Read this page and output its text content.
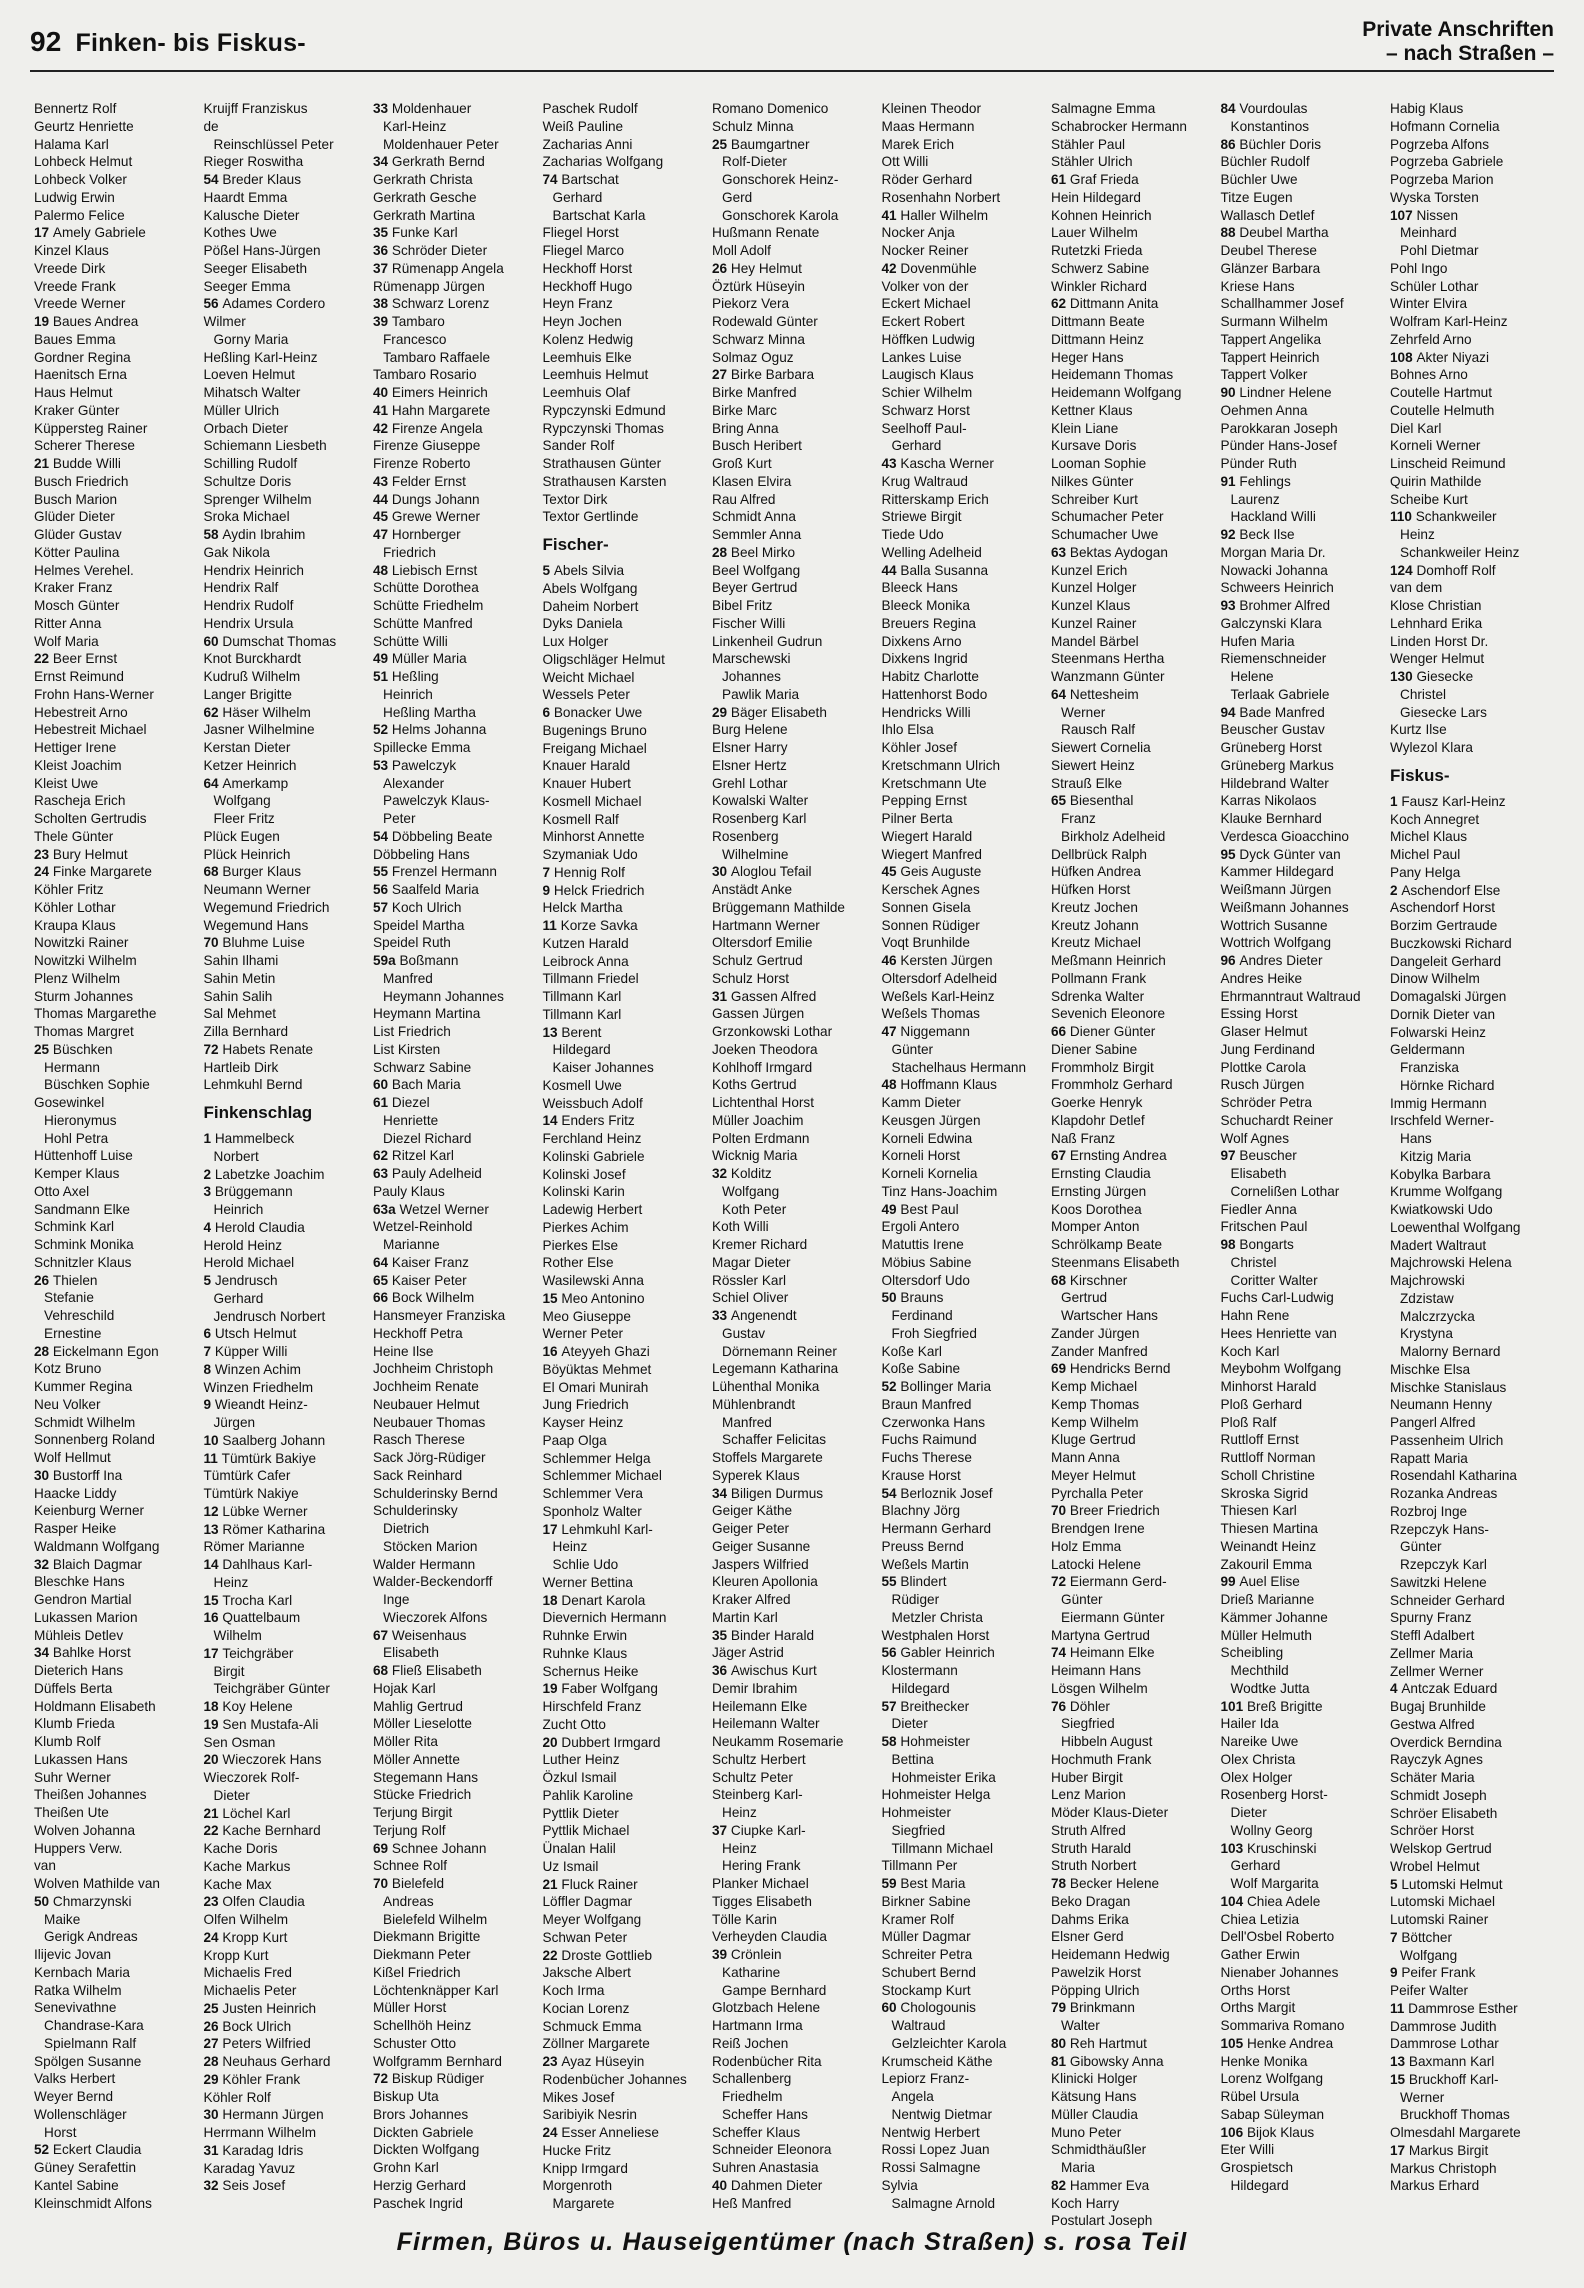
92 Finken- bis Fiskus-	Private Anschriften
– nach Straßen –
Bennertz Rolf
Geurtz Henriette
Halama Karl
Lohbeck Helmut
Lohbeck Volker
Ludwig Erwin
Palermo Felice
17 Amely Gabriele
Kinzel Klaus
Vreede Dirk
Vreede Frank
Vreede Werner
19 Baues Andrea
Baues Emma
Gordner Regina
Haenitsch Erna
Haus Helmut
Kraker Günter
Küppersteg Rainer
Scherer Therese
21 Budde Willi
Busch Friedrich
Busch Marion
Glüder Dieter
Glüder Gustav
Kötter Paulina
Helmes Verehel.
Kraker Franz
Mosch Günter
Ritter Anna
Wolf Maria
22 Beer Ernst
Ernst Reimund
Frohn Hans-Werner
Hebestreit Arno
Hebestreit Michael
Hettiger Irene
Kleist Joachim
Kleist Uwe
Rascheja Erich
Scholten Gertrudis
Thele Günter
23 Bury Helmut
24 Finke Margarete
Köhler Fritz
Köhler Lothar
Kraupa Klaus
Nowitzki Rainer
Nowitzki Wilhelm
Plenz Wilhelm
Sturm Johannes
Thomas Margarethe
Thomas Margret
25 Büschken
Hermann
Büschken Sophie
Gosewinkel
Hieronymus
Hohl Petra
Hüttenhoff Luise
Kemper Klaus
Otto Axel
Sandmann Elke
Schmink Karl
Schmink Monika
Schnitzler Klaus
26 Thielen
Stefanie
Vehreschild
Ernestine
28 Eickelmann Egon
Kotz Bruno
Kummer Regina
Neu Volker
Schmidt Wilhelm
Sonnenberg Roland
Wolf Hellmut
30 Bustorff Ina
Haacke Liddy
Keienburg Werner
Rasper Heike
Waldmann Wolfgang
32 Blaich Dagmar
Bleschke Hans
Gendron Martial
Lukassen Marion
Mühleis Detlev
34 Bahlke Horst
Dieterich Hans
Düffels Berta
Holdmann Elisabeth
Klumb Frieda
Klumb Rolf
Lukassen Hans
Suhr Werner
Theißen Johannes
Theißen Ute
Wolven Johanna
Huppers Verw.
van
Wolven Mathilde van
50 Chmarzynski
Maike
Gerigk Andreas
Ilijevic Jovan
Kernbach Maria
Ratka Wilhelm
Senevivathne
Chandrase-Kara
Spielmann Ralf
Spölgen Susanne
Valks Herbert
Weyer Bernd
Wollenschläger
Horst
52 Eckert Claudia
Güney Serafettin
Kantel Sabine
Kleinschmidt Alfons
Kruijff Franziskus
de
Reinschlüssel Peter
Rieger Roswitha
54 Breder Klaus
Haardt Emma
Kalusche Dieter
Kothes Uwe
Pößel Hans-Jürgen
Seeger Elisabeth
Seeger Emma
56 Adames Cordero
Wilmer
Gorny Maria
Heßling Karl-Heinz
Loeven Helmut
Mihatsch Walter
Müller Ulrich
Orbach Dieter
Schiemann Liesbeth
Schilling Rudolf
Schultze Doris
Sprenger Wilhelm
Sroka Michael
58 Aydin Ibrahim
Gak Nikola
Hendrix Heinrich
Hendrix Ralf
Hendrix Rudolf
Hendrix Ursula
60 Dumschat Thomas
Knot Burckhardt
Kudruß Wilhelm
Langer Brigitte
62 Häser Wilhelm
Jasner Wilhelmine
Kerstan Dieter
Ketzer Heinrich
64 Amerkamp
Wolfgang
Fleer Fritz
Plück Eugen
Plück Heinrich
68 Burger Klaus
Neumann Werner
Wegemund Friedrich
Wegemund Hans
70 Bluhme Luise
Sahin Ilhami
Sahin Metin
Sahin Salih
Sal Mehmet
Zilla Bernhard
72 Habets Renate
Hartleib Dirk
Lehmkuhl Bernd
Finkenschlag
1 Hammelbeck
Norbert
2 Labetzke Joachim
3 Brüggemann
Heinrich
4 Herold Claudia
Herold Heinz
Herold Michael
5 Jendrusch
Gerhard
Jendrusch Norbert
6 Utsch Helmut
7 Küpper Willi
8 Winzen Achim
Winzen Friedhelm
9 Wieandt Heinz-
Jürgen
10 Saalberg Johann
11 Tümtürk Bakiye
Tümtürk Cafer
Tümtürk Nakiye
12 Lübke Werner
13 Römer Katharina
Römer Marianne
14 Dahlhaus Karl-
Heinz
15 Trocha Karl
16 Quattelbaum
Wilhelm
17 Teichgräber
Birgit
Teichgräber Günter
18 Koy Helene
19 Sen Mustafa-Ali
Sen Osman
20 Wieczorek Hans
Wieczorek Rolf-
Dieter
21 Löchel Karl
22 Kache Bernhard
Kache Doris
Kache Markus
Kache Max
23 Olfen Claudia
Olfen Wilhelm
24 Kropp Kurt
Kropp Kurt
Michaelis Fred
Michaelis Peter
25 Justen Heinrich
26 Bock Ulrich
27 Peters Wilfried
28 Neuhaus Gerhard
29 Köhler Frank
Köhler Rolf
30 Hermann Jürgen
Herrmann Wilhelm
31 Karadag Idris
Karadag Yavuz
32 Seis Josef
33 Moldenhauer
Karl-Heinz
Moldenhauer Peter
34 Gerkrath Bernd
Gerkrath Christa
Gerkrath Gesche
Gerkrath Martina
35 Funke Karl
36 Schröder Dieter
37 Rümenapp Angela
Rümenapp Jürgen
38 Schwarz Lorenz
39 Tambaro
Francesco
Tambaro Raffaele
Tambaro Rosario
40 Eimers Heinrich
41 Hahn Margarete
42 Firenze Angela
Firenze Giuseppe
Firenze Roberto
43 Felder Ernst
44 Dungs Johann
45 Grewe Werner
47 Hornberger
Friedrich
48 Liebisch Ernst
Schütte Dorothea
Schütte Friedhelm
Schütte Manfred
Schütte Willi
49 Müller Maria
51 Heßling
Heinrich
Heßling Martha
52 Helms Johanna
Spillecke Emma
53 Pawelczyk
Alexander
Pawelczyk Klaus-
Peter
54 Döbbeling Beate
Döbbeling Hans
55 Frenzel Hermann
56 Saalfeld Maria
57 Koch Ulrich
Speidel Martha
Speidel Ruth
59a Boßmann
Manfred
Heymann Johannes
Heymann Martina
List Friedrich
List Kirsten
Schwarz Sabine
60 Bach Maria
61 Diezel
Henriette
Diezel Richard
62 Ritzel Karl
63 Pauly Adelheid
Pauly Klaus
63a Wetzel Werner
Wetzel-Reinhold
Marianne
64 Kaiser Franz
65 Kaiser Peter
66 Bock Wilhelm
Hansmeyer Franziska
Heckhoff Petra
Heine Ilse
Jochheim Christoph
Jochheim Renate
Neubauer Helmut
Neubauer Thomas
Rasch Therese
Sack Jörg-Rüdiger
Sack Reinhard
Schulderinsky Bernd
Schulderinsky
Dietrich
Stöcken Marion
Walder Hermann
Walder-Beckendorff
Inge
Wieczorek Alfons
67 Weisenhaus
Elisabeth
68 Fließ Elisabeth
Hojak Karl
Mahlig Gertrud
Möller Lieselotte
Möller Rita
Möller Annette
Stegemann Hans
Stücke Friedrich
Terjung Birgit
Terjung Rolf
69 Schnee Johann
Schnee Rolf
70 Bielefeld
Andreas
Bielefeld Wilhelm
Diekmann Brigitte
Diekmann Peter
Kißel Friedrich
Löchtenknäpper Karl
Müller Horst
Schellhöh Heinz
Schuster Otto
Wolfgramm Bernhard
72 Biskup Rüdiger
Biskup Uta
Brors Johannes
Dickten Gabriele
Dickten Wolfgang
Grohn Karl
Herzig Gerhard
Paschek Ingrid
Paschek Rudolf
Weiß Pauline
Zacharias Anni
Zacharias Wolfgang
74 Bartschat
Gerhard
Bartschat Karla
Fliegel Horst
Fliegel Marco
Heckhoff Horst
Heckhoff Hugo
Heyn Franz
Heyn Jochen
Kolenz Hedwig
Leemhuis Elke
Leemhuis Helmut
Leemhuis Olaf
Rypczynski Edmund
Rypczynski Thomas
Sander Rolf
Strathausen Günter
Strathausen Karsten
Textor Dirk
Textor Gertlinde
Fischer-
5 Abels Silvia
Abels Wolfgang
Daheim Norbert
Dyks Daniela
Lux Holger
Oligschläger Helmut
Weicht Michael
Wessels Peter
6 Bonacker Uwe
Bugenings Bruno
Freigang Michael
Knauer Harald
Knauer Hubert
Kosmell Michael
Kosmell Ralf
Minhorst Annette
Szymaniak Udo
7 Hennig Rolf
9 Helck Friedrich
Helck Martha
11 Korze Savka
Kutzen Harald
Leibrock Anna
Tillmann Friedel
Tillmann Karl
Tillmann Karl
13 Berent
Hildegard
Kaiser Johannes
Kosmell Uwe
Weissbuch Adolf
14 Enders Fritz
Ferchland Heinz
Kolinski Gabriele
Kolinski Josef
Kolinski Karin
Ladewig Herbert
Pierkes Achim
Pierkes Else
Rother Else
Wasilewski Anna
15 Meo Antonino
Meo Giuseppe
Werner Peter
16 Ateyyeh Ghazi
Böyüktas Mehmet
El Omari Munirah
Jung Friedrich
Kayser Heinz
Paap Olga
Schlemmer Helga
Schlemmer Michael
Schlemmer Vera
Sponholz Walter
17 Lehmkuhl Karl-
Heinz
Schlie Udo
Werner Bettina
18 Denart Karola
Dievernich Hermann
Ruhnke Erwin
Ruhnke Klaus
Schernus Heike
19 Faber Wolfgang
Hirschfeld Franz
Zucht Otto
20 Dubbert Irmgard
Luther Heinz
Özkul Ismail
Pahlik Karoline
Pyttlik Dieter
Pyttlik Michael
Ünalan Halil
Uz Ismail
21 Fluck Rainer
Löffler Dagmar
Meyer Wolfgang
Schwan Peter
22 Droste Gottlieb
Jaksche Albert
Koch Irma
Kocian Lorenz
Schmuck Emma
Zöllner Margarete
23 Ayaz Hüseyin
Rodenbücher Johannes
Mikes Josef
Saribiyik Nesrin
24 Esser Anneliese
Hucke Fritz
Knipp Irmgard
Morgenroth
Margarete
Romano Domenico
Schulz Minna
25 Baumgartner
Rolf-Dieter
Gonschorek Heinz-
Gerd
Gonschorek Karola
Hußmann Renate
Moll Adolf
26 Hey Helmut
Öztürk Hüseyin
Piekorz Vera
Rodewald Günter
Schwarz Minna
Solmaz Oguz
27 Birke Barbara
Birke Manfred
Birke Marc
Bring Anna
Busch Heribert
Groß Kurt
Klasen Elvira
Rau Alfred
Schmidt Anna
Semmler Anna
28 Beel Mirko
Beel Wolfgang
Beyer Gertrud
Bibel Fritz
Fischer Willi
Linkenheil Gudrun
Marschewski
Johannes
Pawlik Maria
29 Bäger Elisabeth
Burg Helene
Elsner Harry
Elsner Hertz
Grehl Lothar
Kowalski Walter
Rosenberg Karl
Rosenberg
Wilhelmine
30 Aloglou Tefail
Anstädt Anke
Brüggemann Mathilde
Hartmann Werner
Oltersdorf Emilie
Schulz Gertrud
Schulz Horst
31 Gassen Alfred
Gassen Jürgen
Grzonkowski Lothar
Joeken Theodora
Kohlhoff Irmgard
Koths Gertrud
Lichtenthal Horst
Müller Joachim
Polten Erdmann
Wicknig Maria
32 Kolditz
Wolfgang
Koth Peter
Koth Willi
Kremer Richard
Magar Dieter
Rössler Karl
Schiel Oliver
33 Angenendt
Gustav
Dörnemann Reiner
Legemann Katharina
Lühenthal Monika
Mühlenbrandt
Manfred
Schaffer Felicitas
Stoffels Margarete
Syperek Klaus
34 Biligen Durmus
Geiger Käthe
Geiger Peter
Geiger Susanne
Jaspers Wilfried
Kleuren Apollonia
Kraker Alfred
Martin Karl
35 Binder Harald
Jäger Astrid
36 Awischus Kurt
Demir Ibrahim
Heilemann Elke
Heilemann Walter
Neukamm Rosemarie
Schultz Herbert
Schultz Peter
Steinberg Karl-
Heinz
37 Ciupke Karl-
Heinz
Hering Frank
Planker Michael
Tigges Elisabeth
Tölle Karin
Verheyden Claudia
39 Crönlein
Katharine
Gampe Bernhard
Glotzbach Helene
Hartmann Irma
Reiß Jochen
Rodenbücher Rita
Schallenberg
Friedhelm
Scheffer Hans
Scheffer Klaus
Schneider Eleonora
Suhren Anastasia
40 Dahmen Dieter
Heß Manfred
Kleinen Theodor
Maas Hermann
Marek Erich
Ott Willi
Röder Gerhard
Rosenhahn Norbert
41 Haller Wilhelm
Nocker Anja
Nocker Reiner
42 Dovenmühle
Volker von der
Eckert Michael
Eckert Robert
Höffken Ludwig
Lankes Luise
Laugisch Klaus
Schier Wilhelm
Schwarz Horst
Seelhoff Paul-
Gerhard
43 Kascha Werner
Krug Waltraud
Ritterskamp Erich
Striewe Birgit
Tiede Udo
Welling Adelheid
44 Balla Susanna
Bleeck Hans
Bleeck Monika
Breuers Regina
Dixkens Arno
Dixkens Ingrid
Habitz Charlotte
Hattenhorst Bodo
Hendricks Willi
Ihlo Elsa
Köhler Josef
Kretschmann Ulrich
Kretschmann Ute
Pepping Ernst
Pilner Berta
Wiegert Harald
Wiegert Manfred
45 Geis Auguste
Kerschek Agnes
Sonnen Gisela
Sonnen Rüdiger
Voqt Brunhilde
46 Kersten Jürgen
Oltersdorf Adelheid
Weßels Karl-Heinz
Weßels Thomas
47 Niggemann
Günter
Stachelhaus Hermann
48 Hoffmann Klaus
Kamm Dieter
Keusgen Jürgen
Korneli Edwina
Korneli Horst
Korneli Kornelia
Tinz Hans-Joachim
49 Best Paul
Ergoli Antero
Matuttis Irene
Möbius Sabine
Oltersdorf Udo
50 Brauns
Ferdinand
Froh Siegfried
Koße Karl
Koße Sabine
52 Bollinger Maria
Braun Manfred
Czerwonka Hans
Fuchs Raimund
Fuchs Therese
Krause Horst
54 Berloznik Josef
Blachny Jörg
Hermann Gerhard
Preuss Bernd
Weßels Martin
55 Blindert
Rüdiger
Metzler Christa
Westphalen Horst
56 Gabler Heinrich
Klostermann
Hildegard
57 Breithecker
Dieter
58 Hohmeister
Bettina
Hohmeister Erika
Hohmeister Helga
Hohmeister
Siegfried
Tillmann Michael
Tillmann Per
59 Best Maria
Birkner Sabine
Kramer Rolf
Müller Dagmar
Schreiter Petra
Schubert Bernd
Stockamp Kurt
60 Chologounis
Waltraud
Gelzleichter Karola
Krumscheid Käthe
Lepiorz Franz-
Angela
Nentwig Dietmar
Nentwig Herbert
Rossi Lopez Juan
Rossi Salmagne
Sylvia
Salmagne Arnold
Salmagne Emma
Schabrocker Hermann
Stähler Paul
Stähler Ulrich
61 Graf Frieda
Hein Hildegard
Kohnen Heinrich
Lauer Wilhelm
Rutetzki Frieda
Schwerz Sabine
Winkler Richard
62 Dittmann Anita
Dittmann Beate
Dittmann Heinz
Heger Hans
Heidemann Thomas
Heidemann Wolfgang
Kettner Klaus
Klein Liane
Kursave Doris
Looman Sophie
Nilkes Günter
Schreiber Kurt
Schumacher Peter
Schumacher Uwe
63 Bektas Aydogan
Kunzel Erich
Kunzel Holger
Kunzel Klaus
Kunzel Rainer
Mandel Bärbel
Steenmans Hertha
Wanzmann Günter
64 Nettesheim
Werner
Rausch Ralf
Siewert Cornelia
Siewert Heinz
Strauß Elke
65 Biesenthal
Franz
Birkholz Adelheid
Dellbrück Ralph
Hüfken Andrea
Hüfken Horst
Kreutz Jochen
Kreutz Johann
Kreutz Michael
Meßmann Heinrich
Pollmann Frank
Sdrenka Walter
Sevenich Eleonore
66 Diener Günter
Diener Sabine
Frommholz Birgit
Frommholz Gerhard
Goerke Henryk
Klapdohr Detlef
Naß Franz
67 Ernsting Andrea
Ernsting Claudia
Ernsting Jürgen
Koos Dorothea
Momper Anton
Schrölkamp Beate
Steenmans Elisabeth
68 Kirschner
Gertrud
Wartscher Hans
Zander Jürgen
Zander Manfred
69 Hendricks Bernd
Kemp Michael
Kemp Thomas
Kemp Wilhelm
Kluge Gertrud
Mann Anna
Meyer Helmut
Pyrchalla Peter
70 Breer Friedrich
Brendgen Irene
Holz Emma
Latocki Helene
72 Eiermann Gerd-
Günter
Eiermann Günter
Martyna Gertrud
74 Heimann Elke
Heimann Hans
Lösgen Wilhelm
76 Döhler
Siegfried
Hibbeln August
Hochmuth Frank
Huber Birgit
Lenz Marion
Möder Klaus-Dieter
Struth Alfred
Struth Harald
Struth Norbert
78 Becker Helene
Beko Dragan
Dahms Erika
Elsner Gerd
Heidemann Hedwig
Pawelzik Horst
Pöpping Ulrich
79 Brinkmann
Walter
80 Reh Hartmut
81 Gibowsky Anna
Klinicki Holger
Kätsung Hans
Müller Claudia
Muno Peter
Schmidthäußler
Maria
82 Hammer Eva
Koch Harry
Postulart Joseph
84 Vourdoulas
Konstantinos
86 Büchler Doris
Büchler Rudolf
Büchler Uwe
Titze Eugen
Wallasch Detlef
88 Deubel Martha
Deubel Therese
Glänzer Barbara
Kriese Hans
Schallhammer Josef
Surmann Wilhelm
Tappert Angelika
Tappert Heinrich
Tappert Volker
90 Lindner Helene
Oehmen Anna
Parokkaran Joseph
Pünder Hans-Josef
Pünder Ruth
91 Fehlings
Laurenz
Hackland Willi
92 Beck Ilse
Morgan Maria Dr.
Nowacki Johanna
Schweers Heinrich
93 Brohmer Alfred
Galczynski Klara
Hufen Maria
Riemenschneider
Helene
Terlaak Gabriele
94 Bade Manfred
Beuscher Gustav
Grüneberg Horst
Grüneberg Markus
Hildebrand Walter
Karras Nikolaos
Klauke Bernhard
Verdesca Gioacchino
95 Dyck Günter van
Kammer Hildegard
Weißmann Jürgen
Weißmann Johannes
Wottrich Susanne
Wottrich Wolfgang
96 Andres Dieter
Andres Heike
Ehrmanntraut Waltraud
Essing Horst
Glaser Helmut
Jung Ferdinand
Plottke Carola
Rusch Jürgen
Schröder Petra
Schuchardt Reiner
Wolf Agnes
97 Beuscher
Elisabeth
Cornelißen Lothar
Fiedler Anna
Fritschen Paul
98 Bongarts
Christel
Coritter Walter
Fuchs Carl-Ludwig
Hahn Rene
Hees Henriette van
Koch Karl
Meybohm Wolfgang
Minhorst Harald
Ploß Gerhard
Ploß Ralf
Ruttloff Ernst
Ruttloff Norman
Scholl Christine
Skroska Sigrid
Thiesen Karl
Thiesen Martina
Weinandt Heinz
Zakouril Emma
99 Auel Elise
Drieß Marianne
Kämmer Johanne
Müller Helmuth
Scheibling
Mechthild
Wodtke Jutta
101 Breß Brigitte
Hailer Ida
Nareike Uwe
Olex Christa
Olex Holger
Rosenberg Horst-
Dieter
Wollny Georg
103 Kruschinski
Gerhard
Wolf Margarita
104 Chiea Adele
Chiea Letizia
Dell'Osbel Roberto
Gather Erwin
Nienaber Johannes
Orths Horst
Orths Margit
Sommariva Romano
105 Henke Andrea
Henke Monika
Lorenz Wolfgang
Rübel Ursula
Sabap Süleyman
106 Bijok Klaus
Eter Willi
Grospietsch
Hildegard
Habig Klaus
Hofmann Cornelia
Pogrzeba Alfons
Pogrzeba Gabriele
Pogrzeba Marion
Wyska Torsten
107 Nissen
Meinhard
Pohl Dietmar
Pohl Ingo
Schüler Lothar
Winter Elvira
Wolfram Karl-Heinz
Zehrfeld Arno
108 Akter Niyazi
Bohnes Arno
Coutelle Hartmut
Coutelle Helmuth
Diel Karl
Korneli Werner
Linscheid Reimund
Quirin Mathilde
Scheibe Kurt
110 Schankweiler
Heinz
Schankweiler Heinz
124 Domhoff Rolf
van dem
Klose Christian
Lehnhard Erika
Linden Horst Dr.
Wenger Helmut
130 Giesecke
Christel
Giesecke Lars
Kurtz Ilse
Wylezol Klara
Fiskus-
1 Fausz Karl-Heinz
Koch Annegret
Michel Klaus
Michel Paul
Pany Helga
2 Aschendorf Else
Aschendorf Horst
Borzim Gertraude
Buczkowski Richard
Dangeleit Gerhard
Dinow Wilhelm
Domagalski Jürgen
Dornik Dieter van
Folwarski Heinz
Geldermann
Franziska
Hörnke Richard
Immig Hermann
Irschfeld Werner-
Hans
Kitzig Maria
Kobylka Barbara
Krumme Wolfgang
Kwiatkowski Udo
Loewenthal Wolfgang
Madert Waltraut
Majchrowski Helena
Majchrowski
Zdzistaw
Malczrzycka
Krystyna
Malorny Bernard
Mischke Elsa
Mischke Stanislaus
Neumann Henny
Pangerl Alfred
Passenheim Ulrich
Rapatt Maria
Rosendahl Katharina
Rozanka Andreas
Rozbroj Inge
Rzepczyk Hans-
Günter
Rzepczyk Karl
Sawitzki Helene
Schneider Gerhard
Spurny Franz
Steffl Adalbert
Zellmer Maria
Zellmer Werner
4 Antczak Eduard
Bugaj Brunhilde
Gestwa Alfred
Overdick Berndina
Rayczyk Agnes
Schäter Maria
Schmidt Joseph
Schröer Elisabeth
Schröer Horst
Welskop Gertrud
Wrobel Helmut
5 Lutomski Helmut
Lutomski Michael
Lutomski Rainer
7 Böttcher
Wolfgang
9 Peifer Frank
Peifer Walter
11 Dammrose Esther
Dammrose Judith
Dammrose Lothar
13 Baxmann Karl
15 Bruckhoff Karl-
Werner
Bruckhoff Thomas
Olmesdahl Margarete
17 Markus Birgit
Markus Christoph
Markus Erhard
Firmen, Büros u. Hauseigentümer (nach Straßen) s. rosa Teil
